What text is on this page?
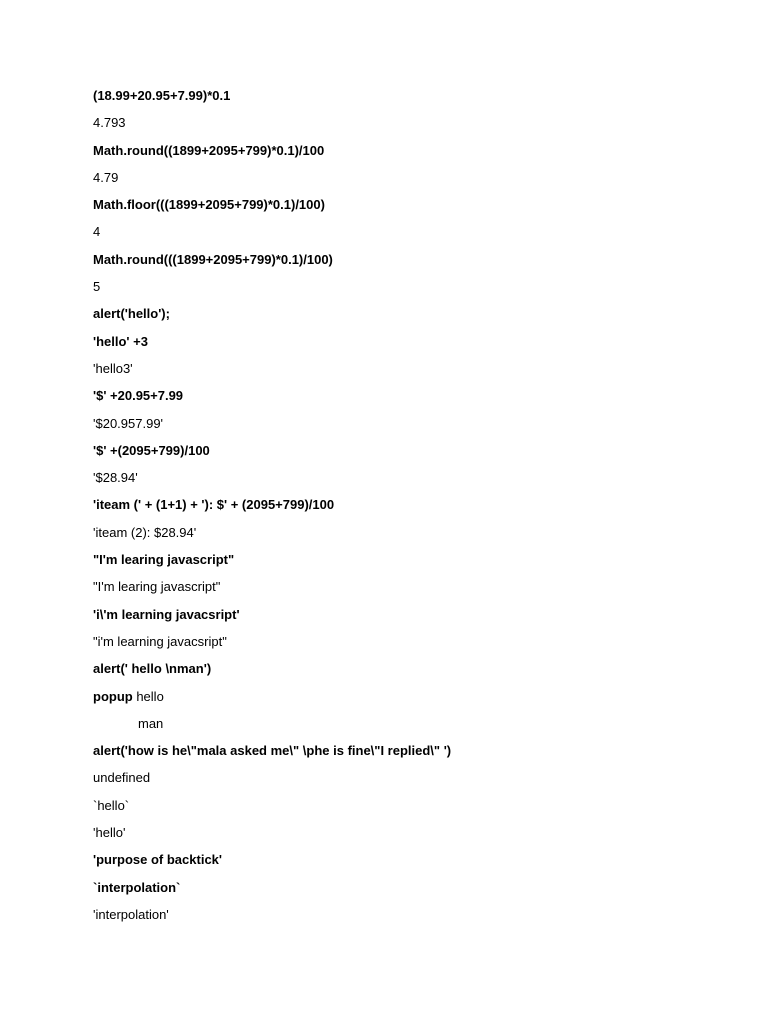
(18.99+20.95+7.99)*0.1
4.793
Math.round((1899+2095+799)*0.1)/100
4.79
Math.floor(((1899+2095+799)*0.1)/100)
4
Math.round(((1899+2095+799)*0.1)/100)
5
alert('hello');
'hello' +3
'hello3'
'$' +20.95+7.99
'$20.957.99'
'$' +(2095+799)/100
'$28.94'
'iteam (' + (1+1) + '): $' + (2095+799)/100
'iteam (2): $28.94'
"I'm learing javascript"
"I'm learing javascript"
'i\'m learning javacsript'
"i'm learning javacsript"
alert(' hello \nman')
popup hello
man
alert('how is he\"mala asked me\" \phe is fine\"I replied\" ')
undefined
`hello`
'hello'
'purpose of backtick'
`interpolation`
'interpolation'
